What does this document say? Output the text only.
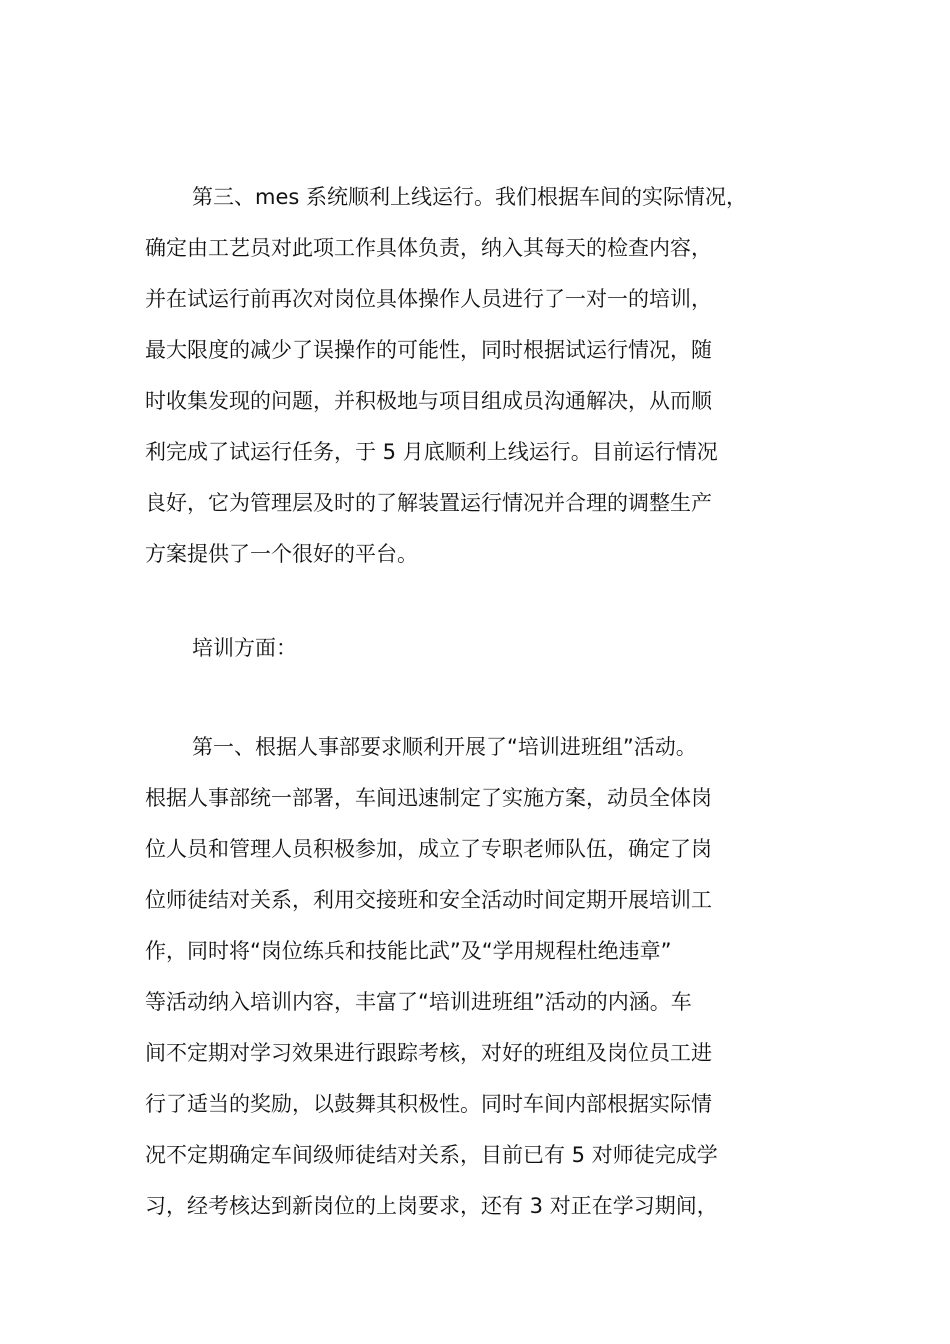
第三、mes 系统顺利上线运行。我们根据车间的实际情况，
确定由工艺员对此项工作具体负责，纳入其每天的检查内容，
并在试运行前再次对岗位具体操作人员进行了一对一的培训，
最大限度的减少了误操作的可能性，同时根据试运行情况，随
时收集发现的问题，并积极地与项目组成员沟通解决，从而顺
利完成了试运行任务，于 5 月底顺利上线运行。目前运行情况
良好，它为管理层及时的了解装置运行情况并合理的调整生产
方案提供了一个很好的平台。
培训方面：
第一、根据人事部要求顺利开展了“培训进班组”活动。
根据人事部统一部署，车间迅速制定了实施方案，动员全体岗
位人员和管理人员积极参加，成立了专职老师队伍，确定了岗
位师徒结对关系，利用交接班和安全活动时间定期开展培训工
作，同时将“岗位练兵和技能比武”及“学用规程杜绝违章”
等活动纳入培训内容，丰富了“培训进班组”活动的内涵。车
间不定期对学习效果进行跟踪考核，对好的班组及岗位员工进
行了适当的奖励，以鼓舞其积极性。同时车间内部根据实际情
况不定期确定车间级师徒结对关系，目前已有 5 对师徒完成学
习，经考核达到新岗位的上岗要求，还有 3 对正在学习期间，
